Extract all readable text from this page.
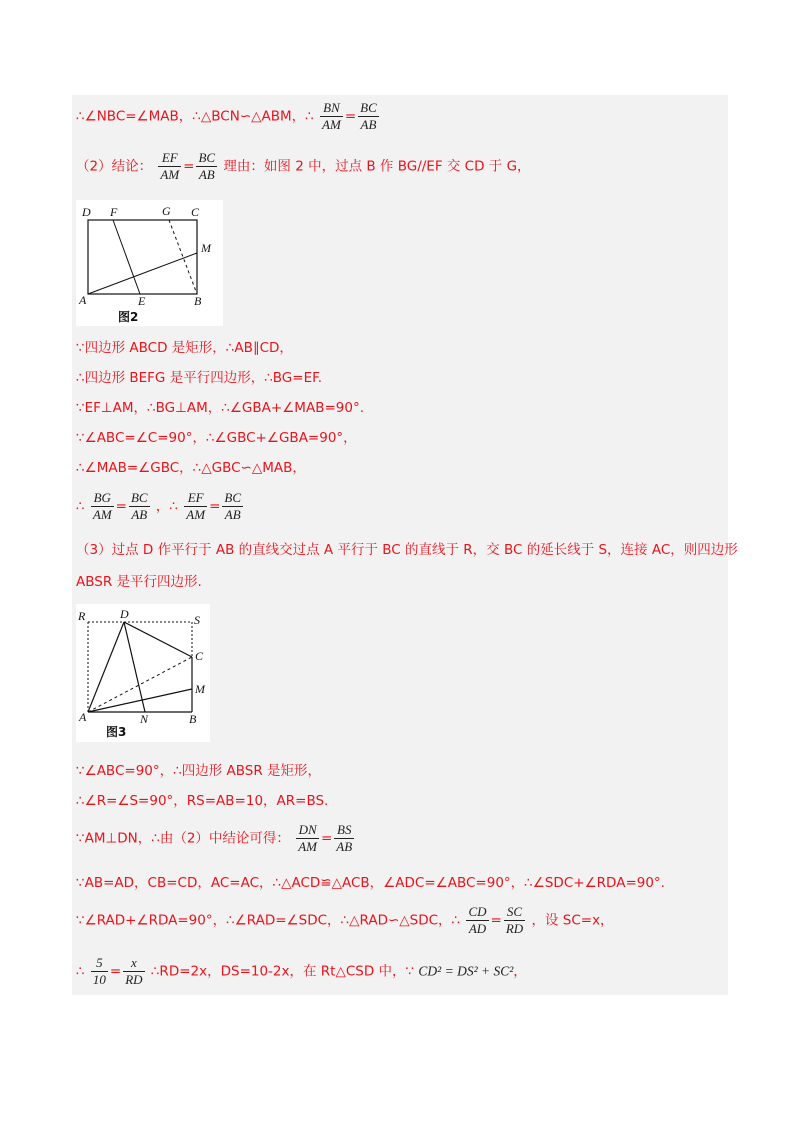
∴∠NBC=∠MAB，∴△BCN∽△ABM，∴ $\frac{BN}{AM} = \frac{BC}{AB}$
（2）结论： $\frac{EF}{AM} = \frac{BC}{AB}$ 理由：如图 2 中，过点 B 作 BG//EF 交 CD 于 G，
D F	G C
M
A	E	B
图2
∵四边形 ABCD 是矩形，∴AB∥CD，
∴四边形 BEFG 是平行四边形，∴BG=EF.
∵EF⊥AM，∴BG⊥AM，∴∠GBA+∠MAB=90°.
∵∠ABC=∠C=90°，∴∠GBC+∠GBA=90°，
∴∠MAB=∠GBC，∴△GBC∽△MAB，
∴ $\frac{BG}{AM} = \frac{BC}{AB}$ ，∴ $\frac{EF}{AM} = \frac{BC}{AB}$
（3）过点 D 作平行于 AB 的直线交过点 A 平行于 BC 的直线于 R，交 BC 的延长线于 S，连接 AC，则四边形
ABSR 是平行四边形.
R	D	S
C
M
A	N	B
图3
∵∠ABC=90°，∴四边形 ABSR 是矩形，
∴∠R=∠S=90°，RS=AB=10，AR=BS.
∵AM⊥DN，∴由（2）中结论可得： $\frac{DN}{AM} = \frac{BS}{AB}$
∵AB=AD，CB=CD，AC=AC，∴△ACD≌△ACB，∠ADC=∠ABC=90°，∴∠SDC+∠RDA=90°.
∵∠RAD+∠RDA=90°，∴∠RAD=∠SDC，∴△RAD∽△SDC，∴ $\frac{CD}{AD} = \frac{SC}{RD}$ ，设 SC=x，
∴ $\frac{5}{10} = \frac{x}{RD}$ ∴RD=2x，DS=10-2x，在 Rt△CSD 中，∵ CD² = DS² + SC²，
